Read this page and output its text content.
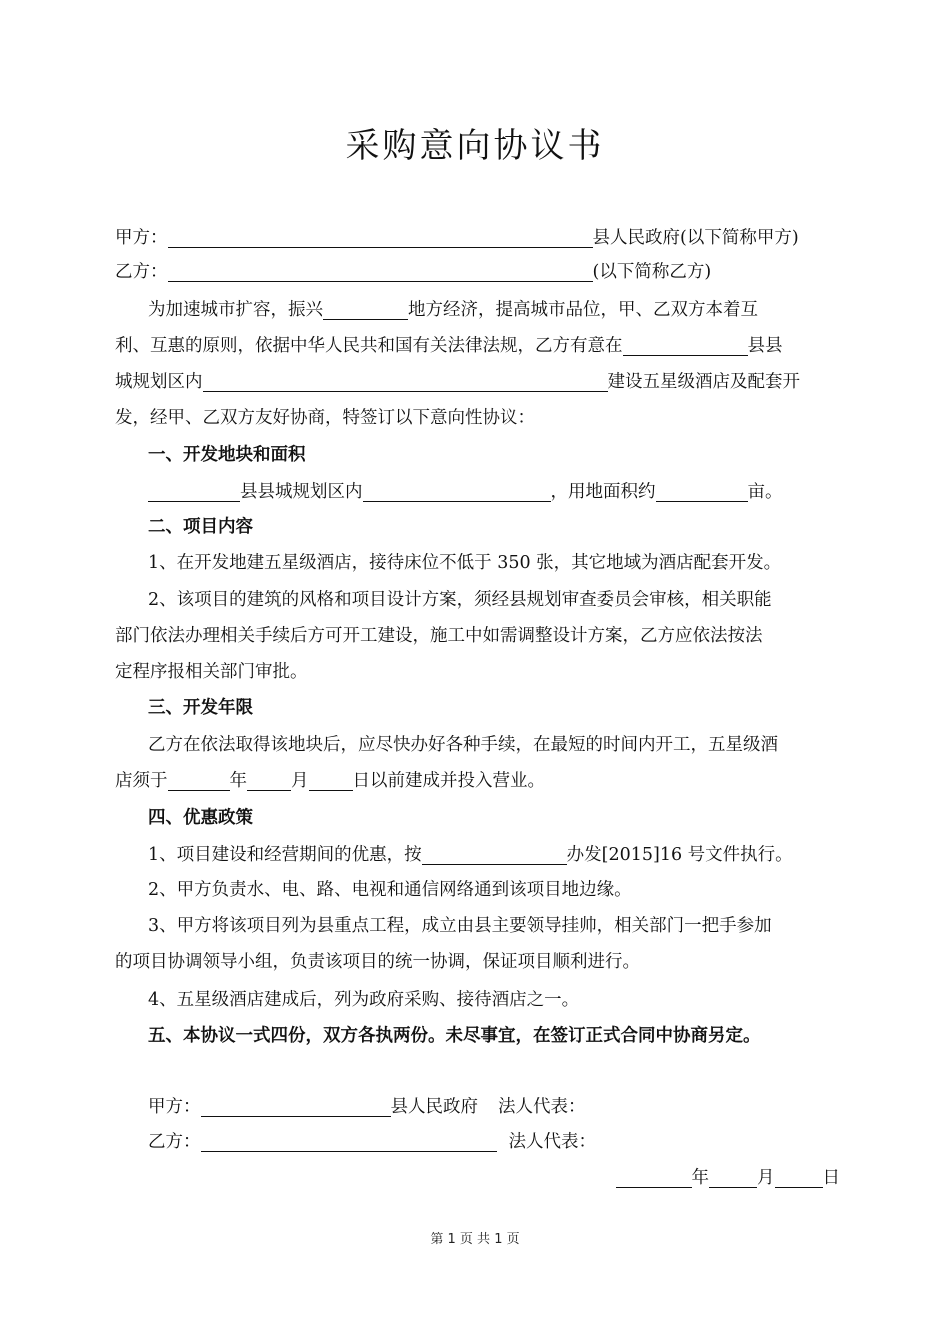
采购意向协议书
甲方：	县人民政府(以下简称甲方)
乙方：	(以下简称乙方)
为加速城市扩容，振兴	地方经济，提高城市品位，甲、乙双方本着互
利、互惠的原则，依据中华人民共和国有关法律法规，乙方有意在	县县
城规划区内	建设五星级酒店及配套开
发，经甲、乙双方友好协商，特签订以下意向性协议：
一、开发地块和面积
县县城规划区内	，用地面积约	亩。
二、项目内容
1、在开发地建五星级酒店，接待床位不低于 350 张，其它地域为酒店配套开发。
2、该项目的建筑的风格和项目设计方案，须经县规划审查委员会审核，相关职能
部门依法办理相关手续后方可开工建设，施工中如需调整设计方案，乙方应依法按法
定程序报相关部门审批。
三、开发年限
乙方在依法取得该地块后，应尽快办好各种手续，在最短的时间内开工，五星级酒
店须于	年	月	日以前建成并投入营业。
四、优惠政策
1、项目建设和经营期间的优惠，按	办发[2015]16 号文件执行。
2、甲方负责水、电、路、电视和通信网络通到该项目地边缘。
3、甲方将该项目列为县重点工程，成立由县主要领导挂帅，相关部门一把手参加
的项目协调领导小组，负责该项目的统一协调，保证项目顺利进行。
4、五星级酒店建成后，列为政府采购、接待酒店之一。
五、本协议一式四份，双方各执两份。未尽事宜，在签订正式合同中协商另定。
甲方：	县人民政府 法人代表：
乙方：	法人代表：
年	月	日
第 1 页 共 1 页
